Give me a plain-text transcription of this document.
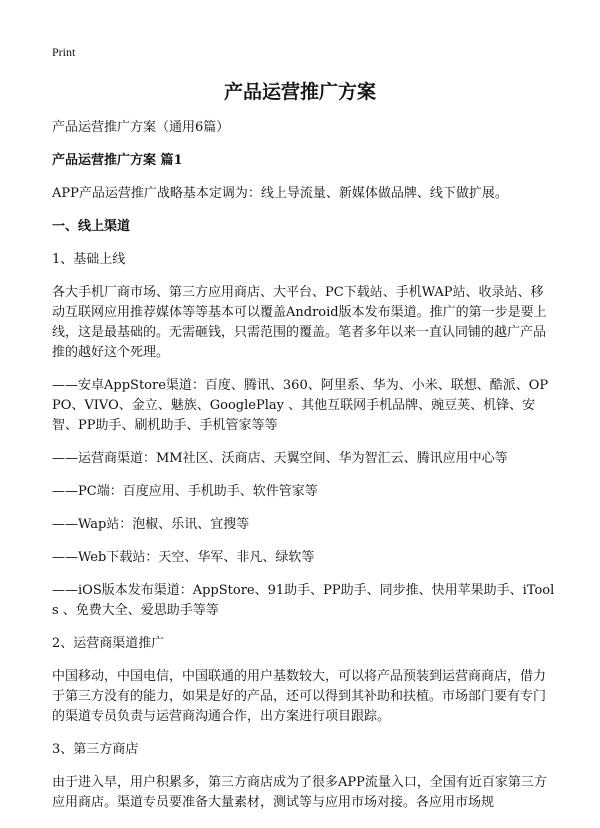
Print
产品运营推广方案

产品运营推广方案（通用6篇）

产品运营推广方案 篇1

APP产品运营推广战略基本定调为：线上导流量、新媒体做品牌、线下做扩展。

一、线上渠道

1、基础上线

各大手机厂商市场、第三方应用商店、大平台、PC下载站、手机WAP站、收录站、移动互联网应用推荐媒体等等基本可以覆盖Android版本发布渠道。推广的第一步是要上线，这是最基础的。无需砸钱，只需范围的覆盖。笔者多年以来一直认同铺的越广产品推的越好这个死理。

——安卓AppStore渠道：百度、腾讯、360、阿里系、华为、小米、联想、酷派、OPPO、VIVO、金立、魅族、GooglePlay 、其他互联网手机品牌、豌豆荚、机锋、安智、PP助手、刷机助手、手机管家等等

——运营商渠道：MM社区、沃商店、天翼空间、华为智汇云、腾讯应用中心等

——PC端：百度应用、手机助手、软件管家等

——Wap站：泡椒、乐讯、宜搜等

——Web下载站：天空、华军、非凡、绿软等

——iOS版本发布渠道：AppStore、91助手、PP助手、同步推、快用苹果助手、iTools 、免费大全、爱思助手等等

2、运营商渠道推广

中国移动，中国电信，中国联通的用户基数较大，可以将产品预装到运营商商店，借力于第三方没有的能力，如果是好的产品，还可以得到其补助和扶植。市场部门要有专门的渠道专员负责与运营商沟通合作，出方案进行项目跟踪。

3、第三方商店

由于进入早，用户积累多，第三方商店成为了很多APP流量入口，全国有近百家第三方应用商店。渠道专员要准备大量素材，测试等与应用市场对接。各应用市场规
